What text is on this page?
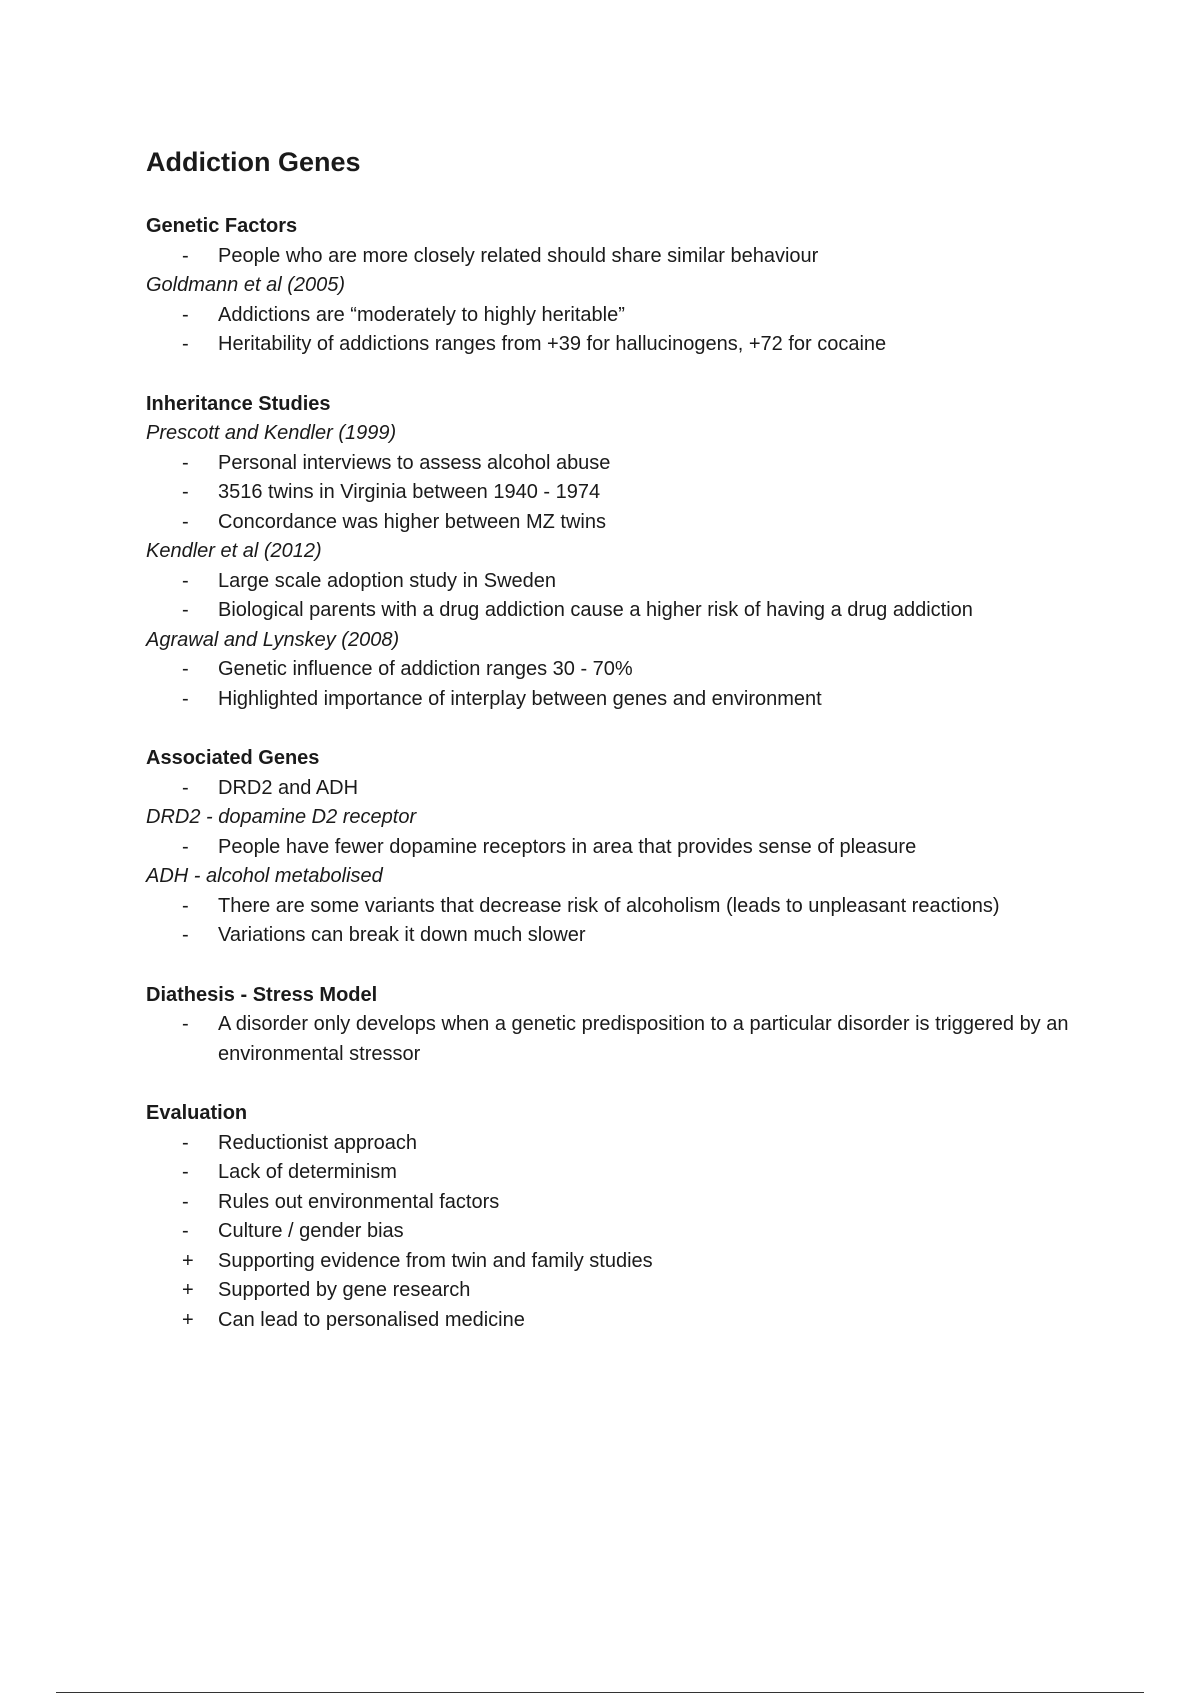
Addiction Genes
Genetic Factors
-	People who are more closely related should share similar behaviour
Goldmann et al (2005)
-	Addictions are “moderately to highly heritable”
-	Heritability of addictions ranges from +39 for hallucinogens, +72 for cocaine
Inheritance Studies
Prescott and Kendler (1999)
-	Personal interviews to assess alcohol abuse
-	3516 twins in Virginia between 1940 - 1974
-	Concordance was higher between MZ twins
Kendler et al (2012)
-	Large scale adoption study in Sweden
-	Biological parents with a drug addiction cause a higher risk of having a drug addiction
Agrawal and Lynskey (2008)
-	Genetic influence of addiction ranges 30 - 70%
-	Highlighted importance of interplay between genes and environment
Associated Genes
-	DRD2 and ADH
DRD2 - dopamine D2 receptor
-	People have fewer dopamine receptors in area that provides sense of pleasure
ADH - alcohol metabolised
-	There are some variants that decrease risk of alcoholism (leads to unpleasant reactions)
-	Variations can break it down much slower
Diathesis - Stress Model
-	A disorder only develops when a genetic predisposition to a particular disorder is triggered by an environmental stressor
Evaluation
-	Reductionist approach
-	Lack of determinism
-	Rules out environmental factors
-	Culture / gender bias
+	Supporting evidence from twin and family studies
+	Supported by gene research
+	Can lead to personalised medicine
